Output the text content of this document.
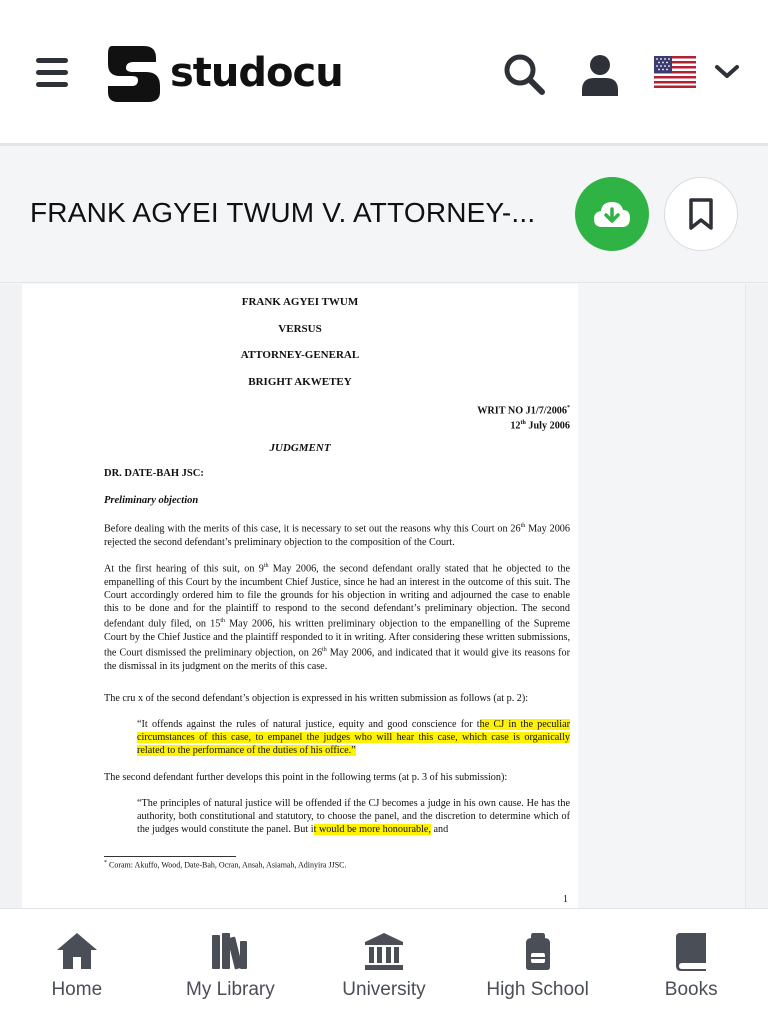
studocu
FRANK AGYEI TWUM V. ATTORNEY-...
FRANK AGYEI TWUM
VERSUS
ATTORNEY-GENERAL
BRIGHT AKWETEY
WRIT NO J1/7/2006*
12th July 2006
JUDGMENT
DR. DATE-BAH JSC:
Preliminary objection

Before dealing with the merits of this case, it is necessary to set out the reasons why this Court on 26th May 2006 rejected the second defendant’s preliminary objection to the composition of the Court.

At the first hearing of this suit, on 9th May 2006, the second defendant orally stated that he objected to the empanelling of this Court by the incumbent Chief Justice, since he had an interest in the outcome of this suit. The Court accordingly ordered him to file the grounds for his objection in writing and adjourned the case to enable this to be done and for the plaintiff to respond to the second defendant’s preliminary objection. The second defendant duly filed, on 15th May 2006, his written preliminary objection to the empanelling of the Supreme Court by the Chief Justice and the plaintiff responded to it in writing. After considering these written submissions, the Court dismissed the preliminary objection, on 26th May 2006, and indicated that it would give its reasons for the dismissal in its judgment on the merits of this case.

The cru x of the second defendant’s objection is expressed in his written submission as follows (at p. 2):

“It offends against the rules of natural justice, equity and good conscience for the CJ in the peculiar circumstances of this case, to empanel the judges who will hear this case, which case is organically related to the performance of the duties of his office.”

The second defendant further develops this point in the following terms (at p. 3 of his submission):

“The principles of natural justice will be offended if the CJ becomes a judge in his own cause. He has the authority, both constitutional and statutory, to choose the panel, and the discretion to determine which of the judges would constitute the panel. But it would be more honourable, and

* Coram: Akuffo, Wood, Date-Bah, Ocran, Ansah, Asiamah, Adinyira JJSC.
1
Home	My Library	University	High School	Books
